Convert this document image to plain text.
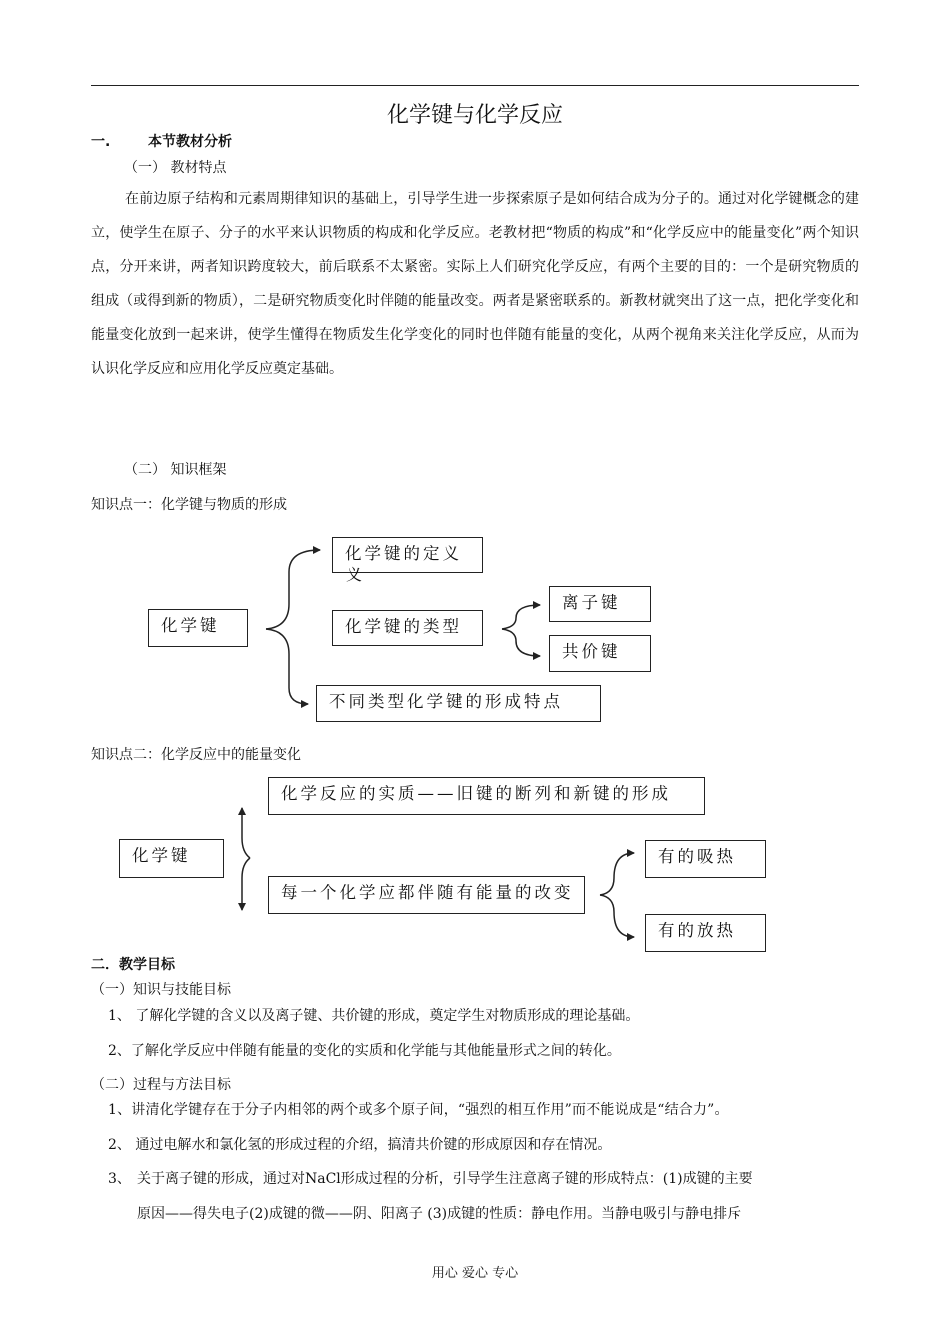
化学键与化学反应
一.	本节教材分析
（一） 教材特点

在前边原子结构和元素周期律知识的基础上，引导学生进一步探索原子是如何结合成为分子的。通过对化学键概念的建立，使学生在原子、分子的水平来认识物质的构成和化学反应。老教材把“物质的构成”和“化学反应中的能量变化”两个知识点，分开来讲，两者知识跨度较大，前后联系不太紧密。实际上人们研究化学反应，有两个主要的目的：一个是研究物质的组成（或得到新的物质），二是研究物质变化时伴随的能量改变。两者是紧密联系的。新教材就突出了这一点，把化学变化和能量变化放到一起来讲，使学生懂得在物质发生化学变化的同时也伴随有能量的变化，从两个视角来关注化学反应，从而为认识化学反应和应用化学反应奠定基础。

（二） 知识框架
知识点一：化学键与物质的形成
化学键
化学键的定义
义
化学键的类型
离子键
共价键
不同类型化学键的形成特点
知识点二：化学反应中的能量变化
化学键
化学反应的实质——旧键的断列和新键的形成
每一个化学应都伴随有能量的改变
有的吸热
有的放热
二．教学目标
（一）知识与技能目标
1、 了解化学键的含义以及离子键、共价键的形成，奠定学生对物质形成的理论基础。
2、了解化学反应中伴随有能量的变化的实质和化学能与其他能量形式之间的转化。
（二）过程与方法目标
1、讲清化学键存在于分子内相邻的两个或多个原子间，“强烈的相互作用”而不能说成是“结合力”。
2、 通过电解水和氯化氢的形成过程的介绍，搞清共价键的形成原因和存在情况。
3、 关于离子键的形成，通过对NaCl形成过程的分析，引导学生注意离子键的形成特点：(1)成键的主要
原因——得失电子(2)成键的微——阴、阳离子 (3)成键的性质：静电作用。当静电吸引与静电排斥
用心 爱心 专心
